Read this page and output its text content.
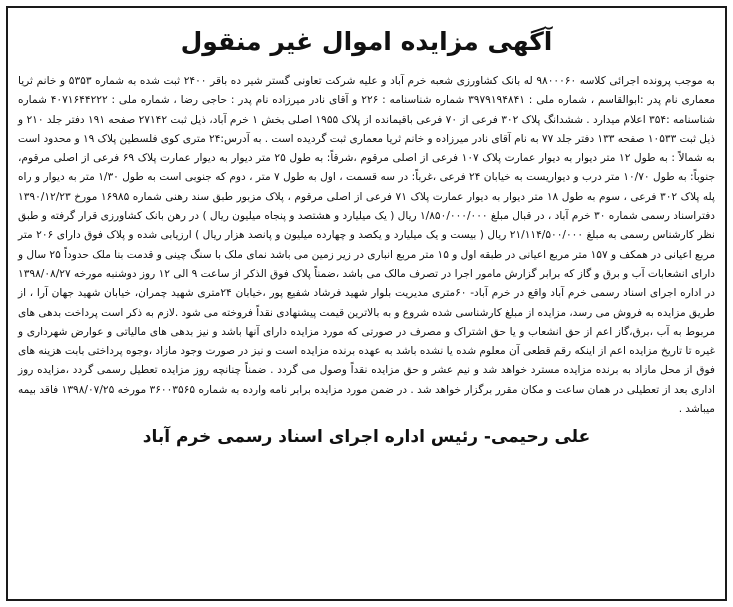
آگهی مزایده اموال غیر منقول

به موجب پرونده اجرائی کلاسه ۹۸۰۰۰۶۰ له بانک کشاورزی شعبه خرم آباد و علیه شرکت تعاونی گستر شیر ده باقر ۲۴۰۰ ثبت شده به شماره ۵۳۵۳ و خانم ثریا معماری نام پدر :ابوالقاسم ، شماره ملی : ۳۹۷۹۱۹۴۸۴۱ شماره شناسنامه : ۲۲۶ و آقای نادر میرزاده نام پدر : حاجی رضا ، شماره ملی : ۴۰۷۱۶۴۴۲۲۲ شماره شناسنامه :۳۵۴ اعلام میدارد . ششدانگ پلاک ۳۰۲ فرعی از ۷۰ فرعی باقیمانده از پلاک ۱۹۵۵ اصلی بخش ۱ خرم آباد، ذیل ثبت ۲۷۱۴۲ صفحه ۱۹۱ دفتر جلد ۲۱۰ و ذیل ثبت ۱۰۵۳۳ صفحه ۱۳۳ دفتر جلد ۷۷ به نام آقای نادر میرزاده و خانم ثریا معماری ثبت گردیده است . به آدرس:۲۴ متری کوی فلسطین پلاک ۱۹ و محدود است به شمالاً : به طول ۱۲ متر دیوار به دیوار عمارت پلاک ۱۰۷ فرعی از اصلی مرقوم ،شرقاً: به طول ۲۵ متر دیوار به دیوار عمارت پلاک ۶۹ فرعی از اصلی مرقوم، جنوباً: به طول ۱۰/۷۰ متر درب و دیواریست به خیابان ۲۴ فرعی ،غرباً: در سه قسمت ، اول به طول ۷ متر ، دوم که جنوبی است به طول ۱/۳۰ متر به دیوار و راه پله پلاک ۳۰۲ فرعی ، سوم به طول ۱۸ متر دیوار به دیوار عمارت پلاک ۷۱ فرعی از اصلی مرقوم ، پلاک مزبور طبق سند رهنی شماره ۱۶۹۸۵ مورخ ۱۳۹۰/۱۲/۲۳ دفتراسناد رسمی شماره ۳۰ خرم آباد ، در قبال مبلغ ۱/۸۵۰/۰۰۰/۰۰۰ ریال ( یک میلیارد و هشتصد و پنجاه میلیون ریال ) در رهن بانک کشاورزی قرار گرفته و طبق نظر کارشناس رسمی به مبلغ ۲۱/۱۱۴/۵۰۰/۰۰۰ ریال ( بیست و یک میلیارد و یکصد و چهارده میلیون و پانصد هزار ریال ) ارزیابی شده و پلاک فوق دارای ۲۰۶ متر مربع اعیانی در همکف و ۱۵۷ متر مربع اعیانی در طبقه اول و ۱۵ متر مربع انباری در زیر زمین می باشد نمای ملک با سنگ چینی و قدمت بنا ملک حدوداً ۲۵ سال و دارای انشعابات آب و برق و گاز که برابر گزارش مامور اجرا در تصرف مالک می باشد ،ضمناً پلاک فوق الذکر از ساعت ۹ الی ۱۲ روز دوشنبه مورخه ۱۳۹۸/۰۸/۲۷ در اداره اجرای اسناد رسمی خرم آباد واقع در خرم آباد- ۶۰متری مدیریت بلوار شهید فرشاد شفیع پور ،خیابان ۲۴متری شهید چمران، خیابان شهید جهان آرا ، از طریق مزایده به فروش می رسد، مزایده از مبلغ کارشناسی شده شروع و به بالاترین قیمت پیشنهادی نقداً فروخته می شود .لازم به ذکر است پرداخت بدهی های مربوط به آب ،برق،گاز اعم از حق انشعاب و یا حق اشتراک و مصرف در صورتی که مورد مزایده دارای آنها باشد و نیز بدهی های مالیاتی و عوارض شهرداری و غیره تا تاریخ مزایده اعم از اینکه رقم قطعی آن معلوم شده یا نشده باشد به عهده برنده مزایده است و نیز در صورت وجود مازاد ،وجوه پرداختی بابت هزینه های فوق از محل مازاد به برنده مزایده مسترد خواهد شد و نیم عشر و حق مزایده نقداً وصول می گردد . ضمناً چنانچه روز مزایده تعطیل رسمی گردد ،مزایده روز اداری بعد از تعطیلی در همان ساعت و مکان مقرر برگزار خواهد شد . در ضمن مورد مزایده برابر نامه وارده به شماره ۳۶۰۰۳۵۶۵ مورخه ۱۳۹۸/۰۷/۲۵ فاقد بیمه میباشد .

علی رحیمی- رئیس اداره اجرای اسناد رسمی خرم آباد
